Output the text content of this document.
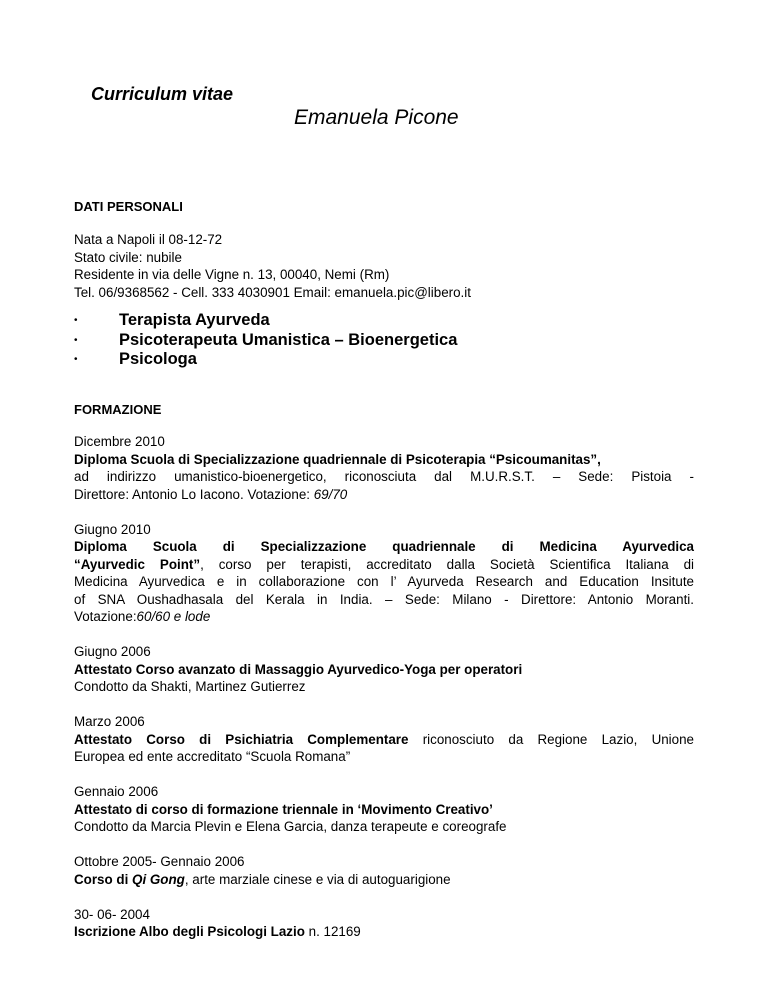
Curriculum vitae
Emanuela Picone
DATI PERSONALI
Nata a Napoli il 08-12-72
Stato civile: nubile
Residente in via delle Vigne n. 13, 00040, Nemi (Rm)
Tel. 06/9368562 - Cell. 333 4030901 Email: emanuela.pic@libero.it
•	Terapista Ayurveda
•	Psicoterapeuta Umanistica – Bioenergetica
•	Psicologa
FORMAZIONE
Dicembre 2010
Diploma Scuola di Specializzazione quadriennale di Psicoterapia “Psicoumanitas”,
ad indirizzo umanistico-bioenergetico, riconosciuta dal M.U.R.S.T. – Sede: Pistoia -
Direttore: Antonio Lo Iacono. Votazione: 69/70
Giugno 2010
Diploma Scuola di Specializzazione quadriennale di Medicina Ayurvedica
“Ayurvedic Point”, corso per terapisti, accreditato dalla Società Scientifica Italiana di
Medicina Ayurvedica e in collaborazione con l’ Ayurveda Research and Education Insitute
of SNA Oushadhasala del Kerala in India. – Sede: Milano - Direttore: Antonio Moranti.
Votazione:60/60 e lode
Giugno 2006
Attestato Corso avanzato di Massaggio Ayurvedico-Yoga per operatori
Condotto da Shakti, Martinez Gutierrez
Marzo 2006
Attestato Corso di Psichiatria Complementare riconosciuto da Regione Lazio, Unione
Europea ed ente accreditato “Scuola Romana”
Gennaio 2006
Attestato di corso di formazione triennale in ‘Movimento Creativo’
Condotto da Marcia Plevin e Elena Garcia, danza terapeute e coreografe
Ottobre 2005- Gennaio 2006
Corso di Qi Gong, arte marziale cinese e via di autoguarigione
30- 06- 2004
Iscrizione Albo degli Psicologi Lazio n. 12169
